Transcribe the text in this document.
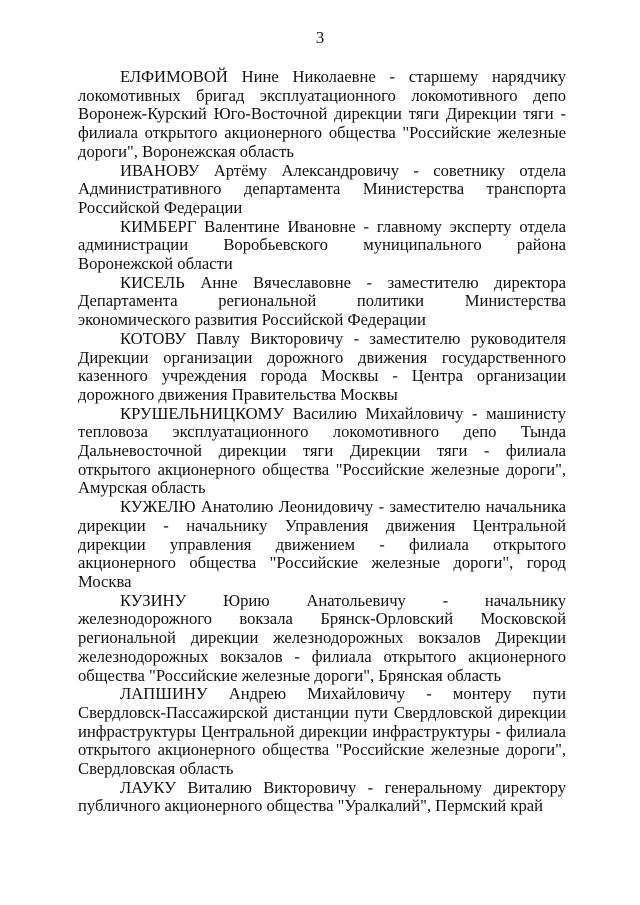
3

ЕЛФИМОВОЙ Нине Николаевне - старшему нарядчику локомотивных бригад эксплуатационного локомотивного депо Воронеж-Курский Юго-Восточной дирекции тяги Дирекции тяги - филиала открытого акционерного общества "Российские железные дороги", Воронежская область

ИВАНОВУ Артёму Александровичу - советнику отдела Административного департамента Министерства транспорта Российской Федерации

КИМБЕРГ Валентине Ивановне - главному эксперту отдела администрации Воробьевского муниципального района Воронежской области

КИСЕЛЬ Анне Вячеславовне - заместителю директора Департамента региональной политики Министерства экономического развития Российской Федерации

КОТОВУ Павлу Викторовичу - заместителю руководителя Дирекции организации дорожного движения государственного казенного учреждения города Москвы - Центра организации дорожного движения Правительства Москвы

КРУШЕЛЬНИЦКОМУ Василию Михайловичу - машинисту тепловоза эксплуатационного локомотивного депо Тында Дальневосточной дирекции тяги Дирекции тяги - филиала открытого акционерного общества "Российские железные дороги", Амурская область

КУЖЕЛЮ Анатолию Леонидовичу - заместителю начальника дирекции - начальнику Управления движения Центральной дирекции управления движением - филиала открытого акционерного общества "Российские железные дороги", город Москва

КУЗИНУ Юрию Анатольевичу - начальнику железнодорожного вокзала Брянск-Орловский Московской региональной дирекции железнодорожных вокзалов Дирекции железнодорожных вокзалов - филиала открытого акционерного общества "Российские железные дороги", Брянская область

ЛАПШИНУ Андрею Михайловичу - монтеру пути Свердловск-Пассажирской дистанции пути Свердловской дирекции инфраструктуры Центральной дирекции инфраструктуры - филиала открытого акционерного общества "Российские железные дороги", Свердловская область

ЛАУКУ Виталию Викторовичу - генеральному директору публичного акционерного общества "Уралкалий", Пермский край
